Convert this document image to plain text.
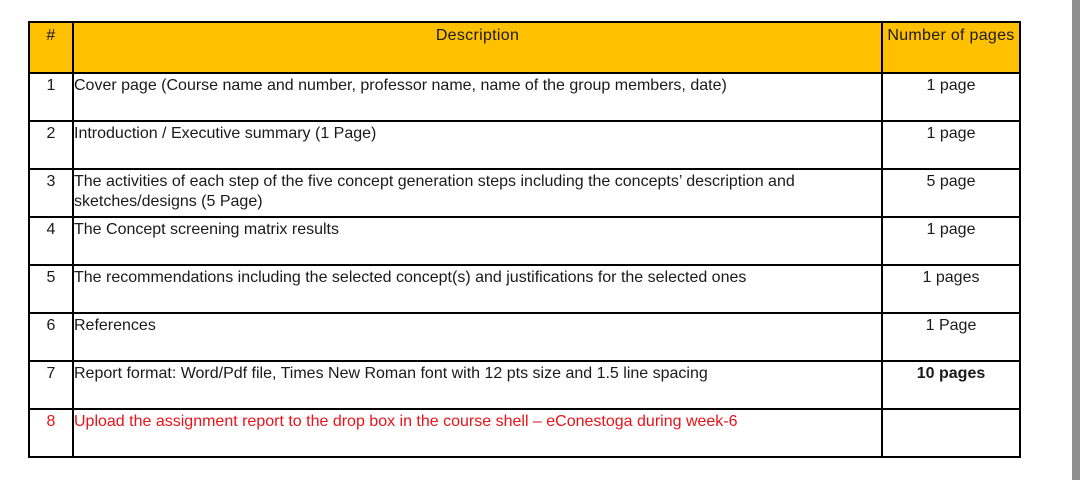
#	Description	Number of pages
1	Cover page (Course name and number, professor name, name of the group members, date)	1 page
2	Introduction / Executive summary (1 Page)	1 page
3	The activities of each step of the five concept generation steps including the concepts’ description and sketches/designs (5 Page)	5 page
4	The Concept screening matrix results	1 page
5	The recommendations including the selected concept(s) and justifications for the selected ones	1 pages
6	References	1 Page
7	Report format: Word/Pdf file, Times New Roman font with 12 pts size and 1.5 line spacing	10 pages
8	Upload the assignment report to the drop box in the course shell – eConestoga during week-6	
